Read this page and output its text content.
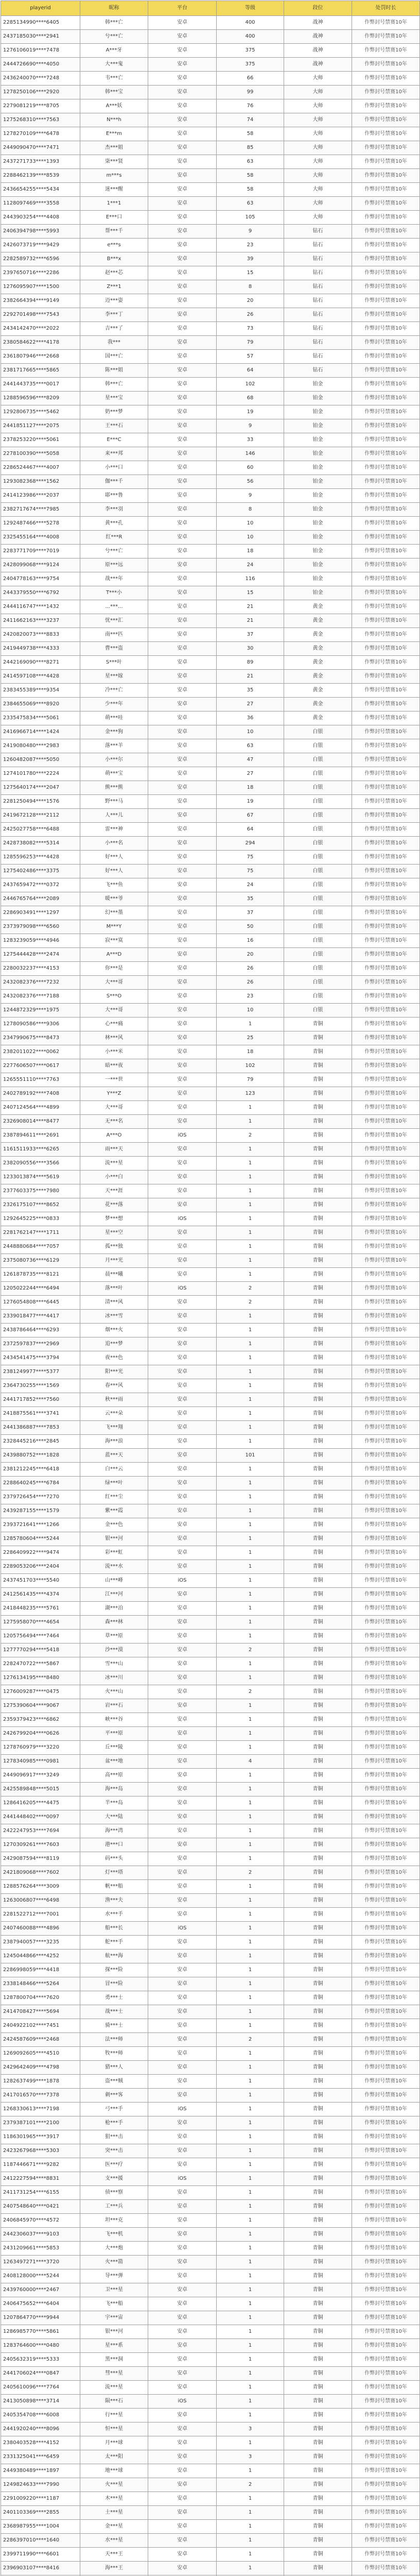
playerid	昵称	平台	等级	段位	处罚时长
2285134990****6405	韩***亡	安卓	400	战神	作弊封号禁赛10年
2437185030****2941	兮***亡	安卓	400	战神	作弊封号禁赛10年
1276106019****7478	A***牙	安卓	375	战神	作弊封号禁赛10年
2444726690****4050	大***鬼	安卓	375	战神	作弊封号禁赛10年
2436240070****7248	韦***亡	安卓	66	大师	作弊封号禁赛10年
1278250106****2920	韩***宝	安卓	99	大师	作弊封号禁赛10年
2279081219****8705	A***妖	安卓	76	大师	作弊封号禁赛10年
1275268310****7563	N***h	安卓	74	大师	作弊封号禁赛10年
1278270109****6478	E***m	安卓	58	大师	作弊封号禁赛10年
2449090470****7471	杰***姐	安卓	85	大师	作弊封号禁赛10年
2437271733****1393	柒***贤	安卓	63	大师	作弊封号禁赛10年
2288462139****8539	m***s	安卓	58	大师	作弊封号禁赛10年
2436654255****5434	迷***醒	安卓	58	大师	作弊封号禁赛10年
1128097469****3558	1***1	安卓	63	大师	作弊封号禁赛10年
2443903254****4408	E***口	安卓	105	大师	作弊封号禁赛10年
2406394798****5993	帮***千	安卓	9	钻石	作弊封号禁赛10年
2426073719****9429	e***s	安卓	23	钻石	作弊封号禁赛10年
2282589732****6596	B***x	安卓	39	钻石	作弊封号禁赛10年
2397650716****2286	赵***芯	安卓	15	钻石	作弊封号禁赛10年
1276095907****1500	Z***1	安卓	8	钻石	作弊封号禁赛10年
2382664394****9149	迈***姿	安卓	20	钻石	作弊封号禁赛10年
2292701498****7543	李***丁	安卓	26	钻石	作弊封号禁赛10年
2434142470****2022	吉***了	安卓	73	钻石	作弊封号禁赛10年
2380584622****4178	我***	安卓	79	钻石	作弊封号禁赛10年
2361807946****2668	国***亡	安卓	57	钻石	作弊封号禁赛10年
2381717665****5865	陈***姐	安卓	64	钻石	作弊封号禁赛10年
2441443735****0017	韩***亡	安卓	102	铂金	作弊封号禁赛10年
1288596596****8209	星***宝	安卓	68	铂金	作弊封号禁赛10年
1292806735****5462	奶***梦	安卓	19	铂金	作弊封号禁赛10年
2441851127****2075	王***石	安卓	9	铂金	作弊封号禁赛10年
2378253220****5061	E***C	安卓	33	铂金	作弊封号禁赛10年
2278100390****5058	来***邦	安卓	146	铂金	作弊封号禁赛10年
2286524467****4007	小***口	安卓	60	铂金	作弊封号禁赛10年
1293082368****1562	伽***千	安卓	56	铂金	作弊封号禁赛10年
2414123986****2037	耶***鲁	安卓	9	铂金	作弊封号禁赛10年
2382717674****7985	李***羽	安卓	8	铂金	作弊封号禁赛10年
1292487466****5278	黄***孔	安卓	10	铂金	作弊封号禁赛10年
2325455164****4008	红***R	安卓	10	铂金	作弊封号禁赛10年
2283771709****7019	兮***亡	安卓	18	铂金	作弊封号禁赛10年
2428099068****9124	原***远	安卓	24	铂金	作弊封号禁赛10年
2404778163****9754	战***年	安卓	116	铂金	作弊封号禁赛10年
2443379550****6792	T***小	安卓	15	铂金	作弊封号禁赛10年
2444116747****1432	...***...	安卓	21	黄金	作弊封号禁赛10年
2411662163****3237	忧***汇	安卓	21	黄金	作弊封号禁赛10年
2420820073****8833	南***匹	安卓	37	黄金	作弊封号禁赛10年
2419449738****4333	曹***盗	安卓	30	黄金	作弊封号禁赛10年
2442169090****8271	S***叶	安卓	89	黄金	作弊封号禁赛10年
2414597108****4428	星***嫁	安卓	21	黄金	作弊封号禁赛10年
2383455389****9354	冷***亡	安卓	35	黄金	作弊封号禁赛10年
2384655069****8920	少***年	安卓	27	黄金	作弊封号禁赛10年
2335475834****5061	萌***哇	安卓	36	黄金	作弊封号禁赛10年
2416966714****1424	金***狗	安卓	10	白银	作弊封号禁赛10年
2419080480****2983	落***羊	安卓	63	白银	作弊封号禁赛10年
1260482087****5050	小***尔	安卓	47	白银	作弊封号禁赛10年
1274101780****2224	萌***宝	安卓	27	白银	作弊封号禁赛10年
1275640174****2047	熊***熊	安卓	18	白银	作弊封号禁赛10年
2281250494****1576	野***马	安卓	19	白银	作弊封号禁赛10年
2419672128****2112	人***儿	安卓	67	白银	作弊封号禁赛10年
2425027758****6488	雷***神	安卓	64	白银	作弊封号禁赛10年
2428738082****5314	小***名	安卓	294	白银	作弊封号禁赛10年
1285596253****4428	好***人	安卓	75	白银	作弊封号禁赛10年
1275402486****3375	好***人	安卓	75	白银	作弊封号禁赛10年
2437659472****0372	飞***鱼	安卓	24	白银	作弊封号禁赛10年
2446765764****2089	暖***爷	安卓	35	白银	作弊封号禁赛10年
2286903491****1297	幻***墨	安卓	37	白银	作弊封号禁赛10年
2373979098****6560	M***Y	安卓	50	白银	作弊封号禁赛10年
1283239059****4946	寂***寞	安卓	16	白银	作弊封号禁赛10年
1275444428****2474	A***D	安卓	20	白银	作弊封号禁赛10年
2280032237****4153	你***是	安卓	26	白银	作弊封号禁赛10年
2432082376****7232	大***哥	安卓	26	白银	作弊封号禁赛10年
2432082376****7188	S***O	安卓	23	白银	作弊封号禁赛10年
1244872329****1975	大***哥	安卓	10	白银	作弊封号禁赛10年
1278090586****9306	心***痛	安卓	1	青铜	作弊封号禁赛10年
2347990675****8473	林***风	安卓	25	青铜	作弊封号禁赛10年
2382011022****0062	小***米	安卓	18	青铜	作弊封号禁赛10年
2277606507****0617	暗***夜	安卓	102	青铜	作弊封号禁赛10年
1265551110****7763	一***世	安卓	79	青铜	作弊封号禁赛10年
2402789192****7408	Y***Z	安卓	123	青铜	作弊封号禁赛10年
2407124564****4899	大***哥	安卓	1	青铜	作弊封号禁赛10年
2326908014****8477	无***名	安卓	1	青铜	作弊封号禁赛10年
2387894611****2691	A***O	iOS	2	青铜	作弊封号禁赛10年
1161511933****6265	雨***天	安卓	1	青铜	作弊封号禁赛10年
2382090556****3566	流***星	安卓	1	青铜	作弊封号禁赛10年
1233013874****5619	小***白	安卓	1	青铜	作弊封号禁赛10年
2377603375****7980	天***涯	安卓	1	青铜	作弊封号禁赛10年
2326175107****8652	花***落	安卓	1	青铜	作弊封号禁赛10年
1292645225****0833	梦***想	iOS	1	青铜	作弊封号禁赛10年
2281762147****1711	星***空	安卓	1	青铜	作弊封号禁赛10年
2448880684****7057	孤***独	安卓	1	青铜	作弊封号禁赛10年
2375080736****6129	月***光	安卓	1	青铜	作弊封号禁赛10年
1261878735****8121	晨***曦	安卓	1	青铜	作弊封号禁赛10年
1205022244****6494	落***叶	iOS	2	青铜	作弊封号禁赛10年
1276054808****6445	清***风	安卓	2	青铜	作弊封号禁赛10年
2339018477****4417	冰***雪	安卓	1	青铜	作弊封号禁赛10年
2438786464****6293	烟***火	安卓	1	青铜	作弊封号禁赛10年
2372597837****2969	追***梦	安卓	1	青铜	作弊封号禁赛10年
2434541475****3794	夜***色	安卓	1	青铜	作弊封号禁赛10年
2381249977****5377	阳***光	安卓	1	青铜	作弊封号禁赛10年
2364730255****1569	春***风	安卓	1	青铜	作弊封号禁赛10年
2441717852****7560	秋***雨	安卓	1	青铜	作弊封号禁赛10年
2418875561****3741	云***朵	安卓	1	青铜	作弊封号禁赛10年
2441386887****7853	飞***翔	安卓	1	青铜	作弊封号禁赛10年
2328445216****2845	海***浪	安卓	1	青铜	作弊封号禁赛10年
2439880752****1828	蓝***天	安卓	101	青铜	作弊封号禁赛10年
2381212245****6418	白***云	安卓	1	青铜	作弊封号禁赛10年
2288640245****6784	绿***叶	安卓	1	青铜	作弊封号禁赛10年
2379726454****7270	红***尘	安卓	1	青铜	作弊封号禁赛10年
2439287155****1579	紫***霞	安卓	1	青铜	作弊封号禁赛10年
2393721641****1266	金***色	安卓	1	青铜	作弊封号禁赛10年
1285780604****5244	银***河	安卓	1	青铜	作弊封号禁赛10年
2286409922****9474	彩***虹	安卓	1	青铜	作弊封号禁赛10年
2289053206****2404	流***水	安卓	1	青铜	作弊封号禁赛10年
2437451703****5540	山***峰	iOS	1	青铜	作弊封号禁赛10年
2412561435****4374	江***河	安卓	1	青铜	作弊封号禁赛10年
2418448235****5761	湖***泊	安卓	1	青铜	作弊封号禁赛10年
1275958070****4654	森***林	安卓	1	青铜	作弊封号禁赛10年
1205756494****7464	草***原	安卓	1	青铜	作弊封号禁赛10年
1277770294****5418	沙***漠	安卓	2	青铜	作弊封号禁赛10年
2282470722****5867	雪***山	安卓	1	青铜	作弊封号禁赛10年
1276134195****8480	冰***川	安卓	1	青铜	作弊封号禁赛10年
1276009287****0475	火***山	安卓	2	青铜	作弊封号禁赛10年
1275390604****9067	岩***石	安卓	1	青铜	作弊封号禁赛10年
2359379423****6862	峡***谷	安卓	1	青铜	作弊封号禁赛10年
2426799204****0626	平***原	安卓	1	青铜	作弊封号禁赛10年
1278760979****3220	丘***陵	安卓	1	青铜	作弊封号禁赛10年
1278340985****0981	盆***地	安卓	4	青铜	作弊封号禁赛10年
2449096917****3249	高***原	安卓	1	青铜	作弊封号禁赛10年
2425589848****5015	海***岛	安卓	1	青铜	作弊封号禁赛10年
1286416205****4475	半***岛	安卓	1	青铜	作弊封号禁赛10年
2441448402****0097	大***陆	安卓	1	青铜	作弊封号禁赛10年
2422247953****7694	海***湾	安卓	1	青铜	作弊封号禁赛10年
1270309261****7603	港***口	安卓	1	青铜	作弊封号禁赛10年
2429087594****8119	码***头	安卓	1	青铜	作弊封号禁赛10年
2421809068****7602	灯***塔	安卓	2	青铜	作弊封号禁赛10年
1288576264****3009	帆***船	安卓	1	青铜	作弊封号禁赛10年
1263006807****6498	渔***夫	安卓	1	青铜	作弊封号禁赛10年
2281522712****7001	水***手	安卓	1	青铜	作弊封号禁赛10年
2407460088****4896	船***长	iOS	1	青铜	作弊封号禁赛10年
2387940057****3235	舵***手	安卓	1	青铜	作弊封号禁赛10年
1245044866****4252	航***海	安卓	1	青铜	作弊封号禁赛10年
2286998059****4418	探***险	安卓	1	青铜	作弊封号禁赛10年
2338148466****5264	冒***险	安卓	1	青铜	作弊封号禁赛10年
1287800704****7620	勇***士	安卓	1	青铜	作弊封号禁赛10年
2414708427****5694	战***士	安卓	1	青铜	作弊封号禁赛10年
2404922102****7451	骑***士	安卓	1	青铜	作弊封号禁赛10年
2424587609****2468	法***师	安卓	2	青铜	作弊封号禁赛10年
1269092605****4510	牧***师	安卓	1	青铜	作弊封号禁赛10年
2429642409****4798	猎***人	安卓	1	青铜	作弊封号禁赛10年
1282637499****1878	盗***贼	安卓	1	青铜	作弊封号禁赛10年
2417016570****7378	刺***客	安卓	1	青铜	作弊封号禁赛10年
1268330613****7198	弓***手	iOS	1	青铜	作弊封号禁赛10年
2379387101****2100	枪***手	安卓	1	青铜	作弊封号禁赛10年
1186301965****3917	狙***击	安卓	1	青铜	作弊封号禁赛10年
2423267968****5303	突***击	安卓	1	青铜	作弊封号禁赛10年
1187446671****9282	医***疗	安卓	1	青铜	作弊封号禁赛10年
2412227594****8831	支***援	iOS	1	青铜	作弊封号禁赛10年
2411731254****6155	侦***察	安卓	1	青铜	作弊封号禁赛10年
2407548640****0421	工***兵	安卓	1	青铜	作弊封号禁赛10年
2406845970****4572	坦***克	安卓	1	青铜	作弊封号禁赛10年
2442306037****9103	飞***机	安卓	1	青铜	作弊封号禁赛10年
2431209661****5853	大***炮	安卓	1	青铜	作弊封号禁赛10年
1263497271****3720	火***箭	安卓	1	青铜	作弊封号禁赛10年
2408128000****5244	导***弹	安卓	1	青铜	作弊封号禁赛10年
2439760000****2467	卫***星	安卓	1	青铜	作弊封号禁赛10年
2406475652****6404	飞***船	安卓	1	青铜	作弊封号禁赛10年
1207864770****9944	宇***宙	安卓	1	青铜	作弊封号禁赛10年
1286985770****5861	银***河	安卓	1	青铜	作弊封号禁赛10年
1283764600****0480	星***系	安卓	1	青铜	作弊封号禁赛10年
2405632319****5333	黑***洞	安卓	1	青铜	作弊封号禁赛10年
2441706024****0847	彗***星	安卓	1	青铜	作弊封号禁赛10年
2405610096****7764	流***星	安卓	1	青铜	作弊封号禁赛10年
2413050898****3714	陨***石	iOS	1	青铜	作弊封号禁赛10年
2405354708****6008	行***星	安卓	1	青铜	作弊封号禁赛10年
2441920240****8096	恒***星	安卓	3	青铜	作弊封号禁赛10年
2380403528****4152	月***球	安卓	1	青铜	作弊封号禁赛10年
2331325041****6459	太***阳	安卓	3	青铜	作弊封号禁赛10年
2449380489****1897	地***球	安卓	1	青铜	作弊封号禁赛10年
1249824633****7990	火***星	安卓	2	青铜	作弊封号禁赛10年
2291009220****1187	木***星	安卓	1	青铜	作弊封号禁赛10年
2401103369****2855	土***星	安卓	1	青铜	作弊封号禁赛10年
2368987955****1004	金***星	安卓	1	青铜	作弊封号禁赛10年
2286397010****1640	水***星	安卓	1	青铜	作弊封号禁赛10年
2399711990****6601	天***王	安卓	1	青铜	作弊封号禁赛10年
2396903107****8416	海***王	安卓	1	青铜	作弊封号禁赛10年
